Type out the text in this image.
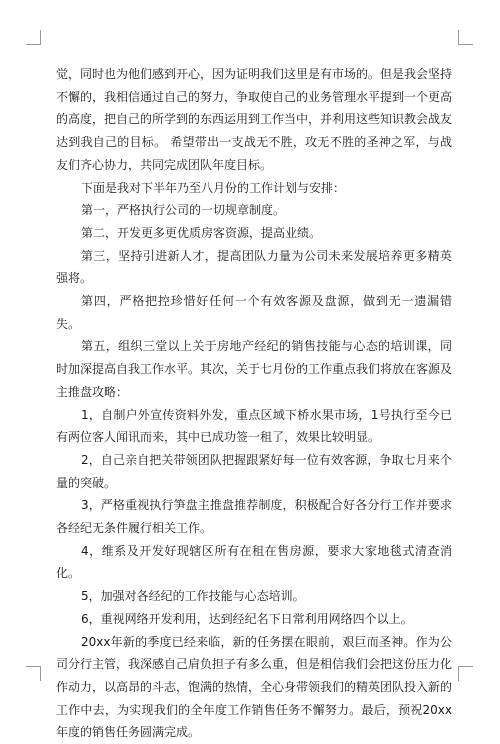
觉，同时也为他们感到开心，因为证明我们这里是有市场的。但是我会坚持不懈的，我相信通过自己的努力，争取使自己的业务管理水平提到一个更高的高度，把自己的所学到的东西运用到工作当中，并利用这些知识教会战友达到我自己的目标。 希望带出一支战无不胜，攻无不胜的圣神之军，与战友们齐心协力，共同完成团队年度目标。

下面是我对下半年乃至八月份的工作计划与安排：

第一，严格执行公司的一切规章制度。

第二，开发更多更优质房客资源，提高业绩。

第三，坚持引进新人才，提高团队力量为公司未来发展培养更多精英强将。

第四，严格把控珍惜好任何一个有效客源及盘源，做到无一遗漏错失。

第五，组织三堂以上关于房地产经纪的销售技能与心态的培训课，同时加深提高自我工作水平。其次，关于七月份的工作重点我们将放在客源及主推盘攻略：

1，自制户外宣传资料外发，重点区域下桥水果市场，1号执行至今已有两位客人闻讯而来，其中已成功签一租了，效果比较明显。

2，自己亲自把关带领团队把握跟紧好每一位有效客源，争取七月来个量的突破。

3，严格重视执行笋盘主推盘推荐制度，积极配合好各分行工作并要求各经纪无条件履行相关工作。

4，维系及开发好现辖区所有在租在售房源，要求大家地毯式清查消化。

5，加强对各经纪的工作技能与心态培训。

6，重视网络开发利用，达到经纪名下日常利用网络四个以上。

20xx年新的季度已经来临，新的任务摆在眼前，艰巨而圣神。作为公司分行主管，我深感自己肩负担子有多么重，但是相信我们会把这份压力化作动力，以高昂的斗志，饱满的热情，全心身带领我们的精英团队投入新的工作中去，为实现我们的全年度工作销售任务不懈努力。最后，预祝20xx年度的销售任务圆满完成。
